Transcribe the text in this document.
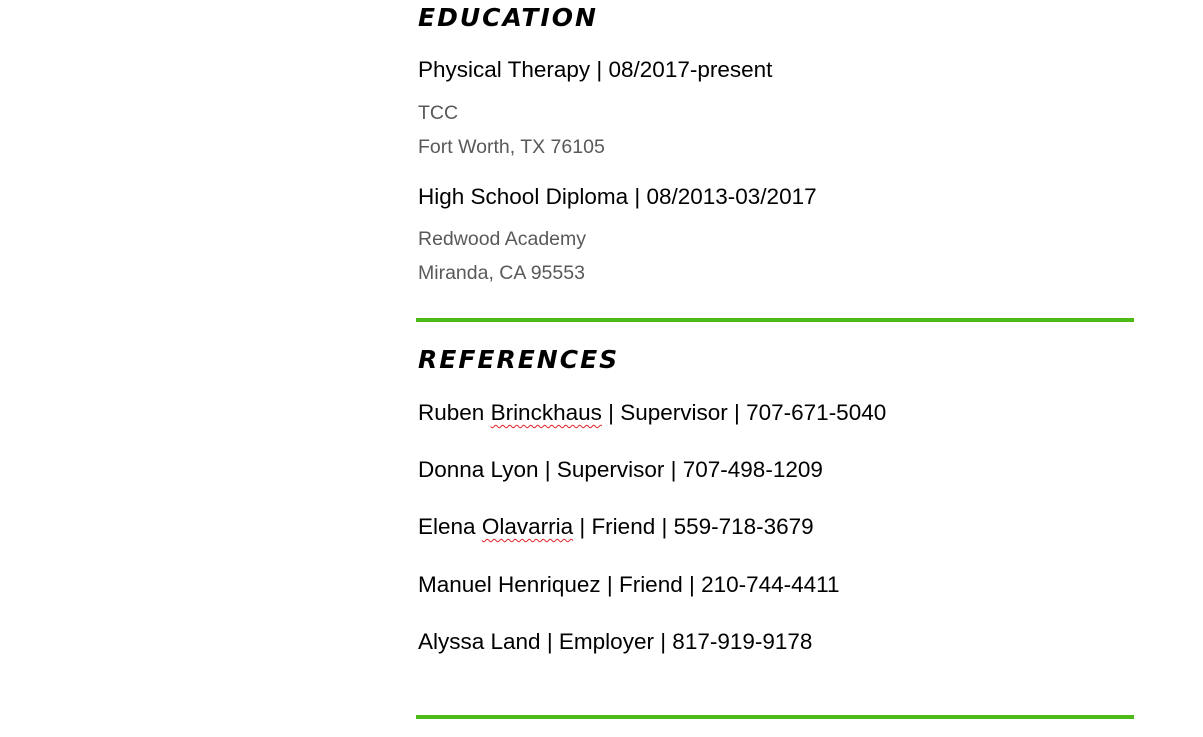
EDUCATION

Physical Therapy | 08/2017-present

TCC

Fort Worth, TX 76105

High School Diploma | 08/2013-03/2017

Redwood Academy

Miranda, CA 95553

REFERENCES

Ruben Brinckhaus | Supervisor | 707-671-5040

Donna Lyon | Supervisor | 707-498-1209

Elena Olavarria | Friend | 559-718-3679

Manuel Henriquez | Friend | 210-744-4411

Alyssa Land | Employer | 817-919-9178
